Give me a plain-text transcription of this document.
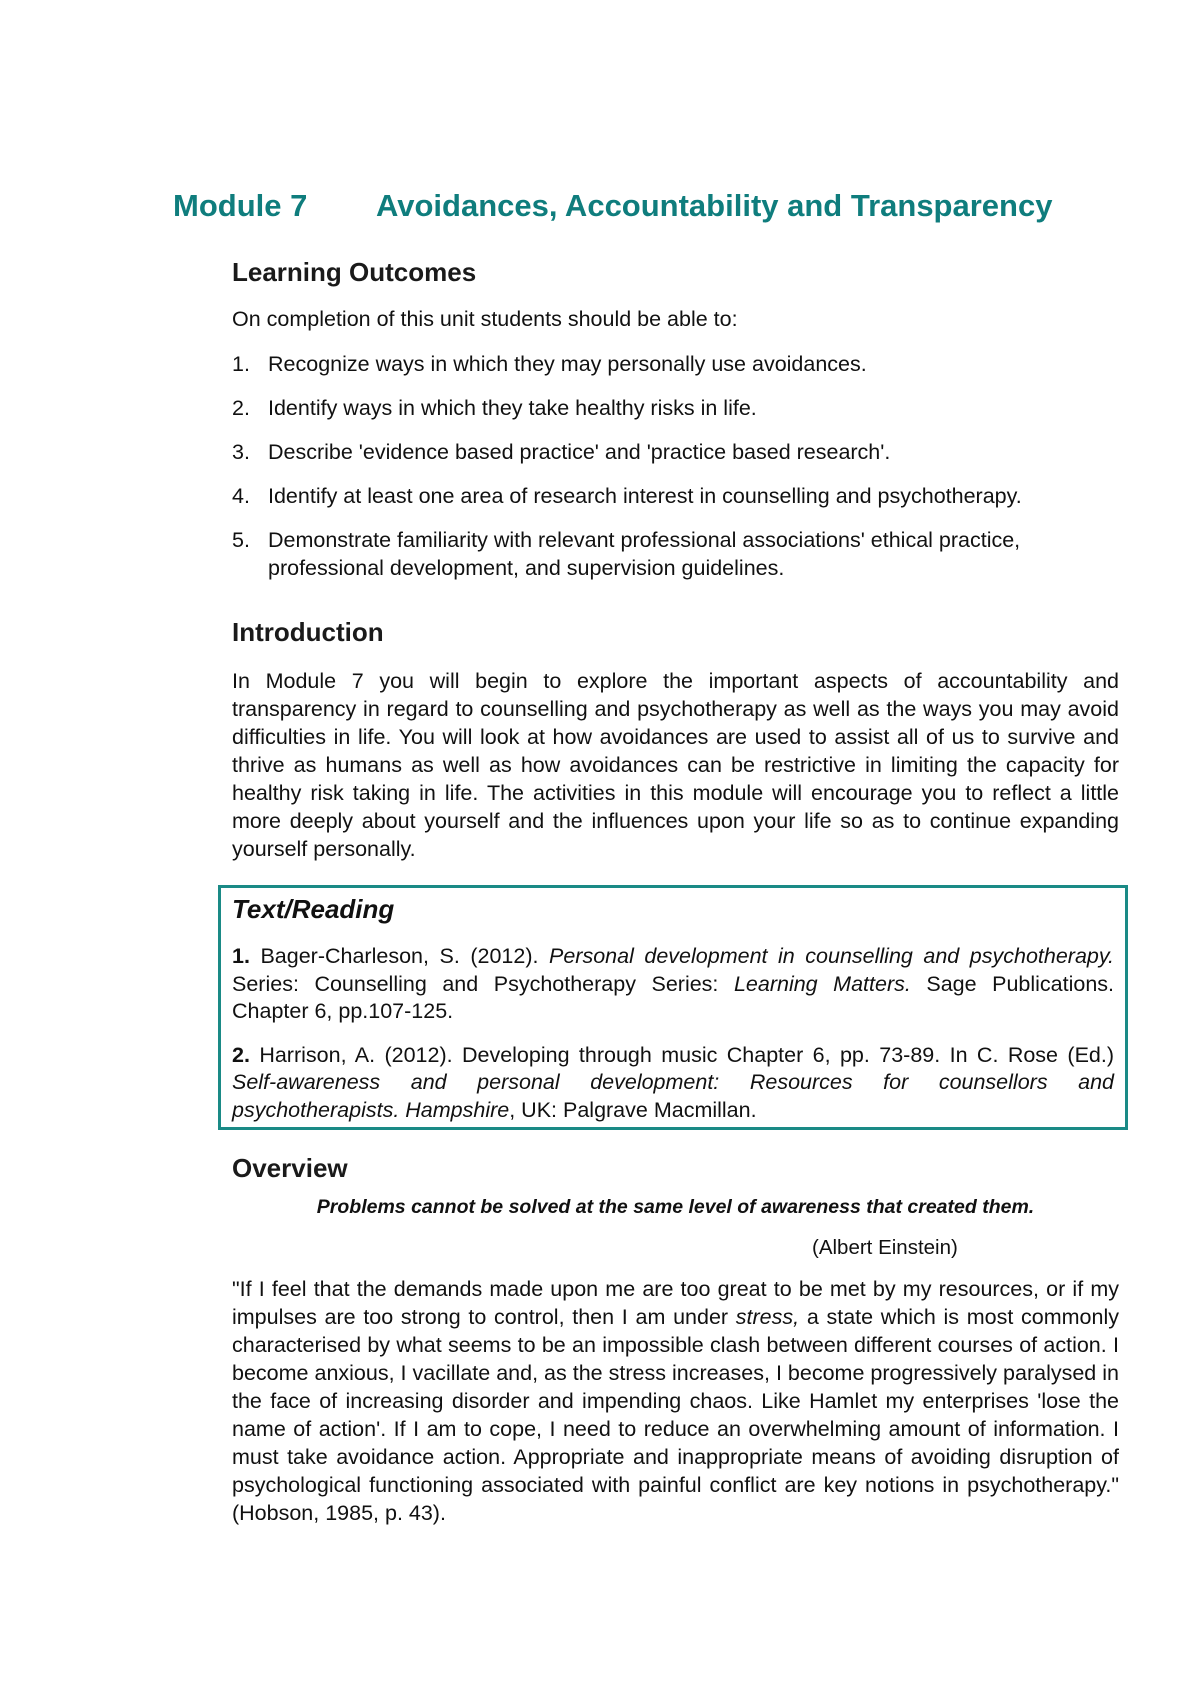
Module 7 Avoidances, Accountability and Transparency
Learning Outcomes

On completion of this unit students should be able to:

1. Recognize ways in which they may personally use avoidances.
2. Identify ways in which they take healthy risks in life.
3. Describe 'evidence based practice' and 'practice based research'.
4. Identify at least one area of research interest in counselling and psychotherapy.
5. Demonstrate familiarity with relevant professional associations' ethical practice, professional development, and supervision guidelines.
Introduction

In Module 7 you will begin to explore the important aspects of accountability and transparency in regard to counselling and psychotherapy as well as the ways you may avoid difficulties in life. You will look at how avoidances are used to assist all of us to survive and thrive as humans as well as how avoidances can be restrictive in limiting the capacity for healthy risk taking in life. The activities in this module will encourage you to reflect a little more deeply about yourself and the influences upon your life so as to continue expanding yourself personally.

Text/Reading

1. Bager-Charleson, S. (2012). Personal development in counselling and psychotherapy. Series: Counselling and Psychotherapy Series: Learning Matters. Sage Publications. Chapter 6, pp.107-125.

2. Harrison, A. (2012). Developing through music Chapter 6, pp. 73-89. In C. Rose (Ed.) Self-awareness and personal development: Resources for counsellors and psychotherapists. Hampshire, UK: Palgrave Macmillan.

Overview

Problems cannot be solved at the same level of awareness that created them.

(Albert Einstein)

"If I feel that the demands made upon me are too great to be met by my resources, or if my impulses are too strong to control, then I am under stress, a state which is most commonly characterised by what seems to be an impossible clash between different courses of action. I become anxious, I vacillate and, as the stress increases, I become progressively paralysed in the face of increasing disorder and impending chaos. Like Hamlet my enterprises 'lose the name of action'. If I am to cope, I need to reduce an overwhelming amount of information. I must take avoidance action. Appropriate and inappropriate means of avoiding disruption of psychological functioning associated with painful conflict are key notions in psychotherapy." (Hobson, 1985, p. 43).
